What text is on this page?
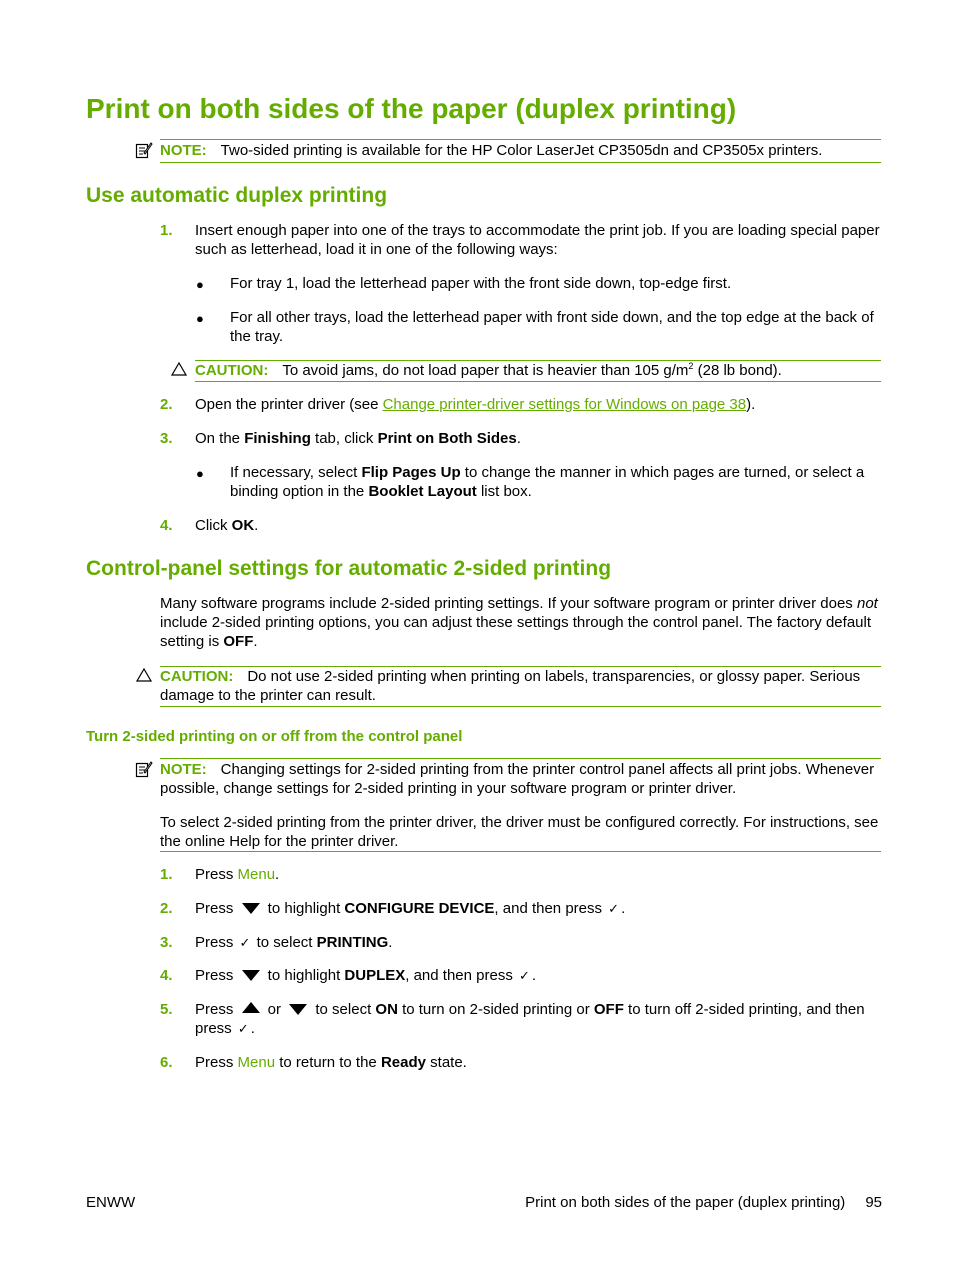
Print on both sides of the paper (duplex printing)
NOTE: Two-sided printing is available for the HP Color LaserJet CP3505dn and CP3505x printers.
Use automatic duplex printing
1. Insert enough paper into one of the trays to accommodate the print job. If you are loading special paper such as letterhead, load it in one of the following ways:
● For tray 1, load the letterhead paper with the front side down, top-edge first.
● For all other trays, load the letterhead paper with front side down, and the top edge at the back of the tray.
CAUTION: To avoid jams, do not load paper that is heavier than 105 $g/m^2$ (28 lb bond).
2. Open the printer driver (see Change printer-driver settings for Windows on page 38).
3. On the Finishing tab, click Print on Both Sides.
● If necessary, select Flip Pages Up to change the manner in which pages are turned, or select a binding option in the Booklet Layout list box.
4. Click OK.
Control-panel settings for automatic 2-sided printing
Many software programs include 2-sided printing settings. If your software program or printer driver does not include 2-sided printing options, you can adjust these settings through the control panel. The factory default setting is OFF.
CAUTION: Do not use 2-sided printing when printing on labels, transparencies, or glossy paper. Serious damage to the printer can result.
Turn 2-sided printing on or off from the control panel
NOTE: Changing settings for 2-sided printing from the printer control panel affects all print jobs. Whenever possible, change settings for 2-sided printing in your software program or printer driver.
To select 2-sided printing from the printer driver, the driver must be configured correctly. For instructions, see the online Help for the printer driver.
1. Press Menu.
2. Press  to highlight CONFIGURE DEVICE, and then press ✓ .
3. Press ✓ to select PRINTING.
4. Press  to highlight DUPLEX, and then press ✓ .
5. Press  or  to select ON to turn on 2-sided printing or OFF to turn off 2-sided printing, and then press ✓ .
6. Press Menu to return to the Ready state.
ENWW	Print on both sides of the paper (duplex printing) 95
